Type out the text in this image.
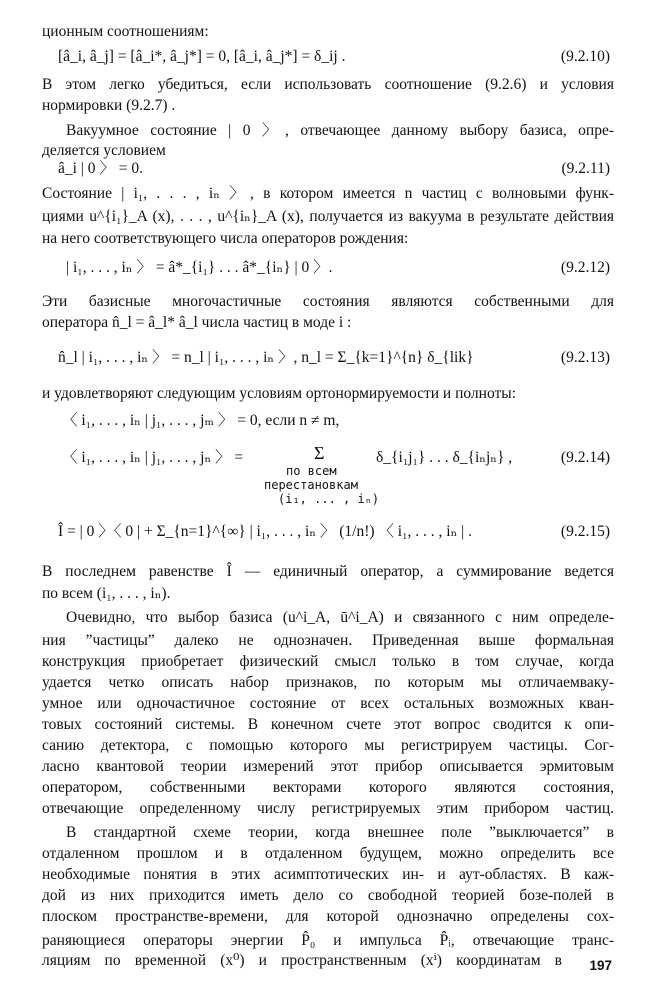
ционным соотношениям:
[â_i, â_j] = [â_i*, â_j*] = 0, [â_i, â_j*] = δ_ij .	(9.2.10)
В этом легко убедиться, если использовать соотношение (9.2.6) и условия
нормировки (9.2.7) .
Вакуумное состояние | 0 〉, отвечающее данному выбору базиса, опре-
деляется условием
â_i | 0 〉 = 0.	(9.2.11)
Состояние | i₁, . . . , iₙ 〉, в котором имеется n частиц с волновыми функ-
циями u^{i₁}_A (x), . . . , u^{iₙ}_A (x), получается из вакуума в результате действия
на него соответствующего числа операторов рождения:
| i₁, . . . , iₙ 〉 = â*_{i₁} . . . â*_{iₙ} | 0 〉.	(9.2.12)
Эти базисные многочастичные состояния являются собственными для
оператора n̂_l = â_l* â_l числа частиц в моде i :
n̂_l | i₁, . . . , iₙ 〉 = n_l | i₁, . . . , iₙ 〉, n_l = Σ_{k=1}^{n} δ_{lik}	(9.2.13)
и удовлетворяют следующим условиям ортонормируемости и полноты:
〈 i₁, . . . , iₙ | j₁, . . . , jₘ 〉 = 0, если n ≠ m,
〈 i₁, . . . , iₙ | j₁, . . . , jₙ 〉 =	Σ
по всем
перестановкам
(i₁, ... , iₙ)
δ_{i₁j₁} . . . δ_{iₙjₙ} ,	(9.2.14)
Î = | 0 〉〈 0 | + Σ_{n=1}^{∞} | i₁, . . . , iₙ 〉 (1/n!) 〈 i₁, . . . , iₙ | .	(9.2.15)
В последнем равенстве Î — единичный оператор, а суммирование ведется
по всем (i₁, . . . , iₙ).
Очевидно, что выбор базиса (u^i_A, ū^i_A) и связанного с ним определе-
ния ”частицы” далеко не однозначен. Приведенная выше формальная
конструкция приобретает физический смысл только в том случае, когда
удается четко описать набор признаков, по которым мы отличаемваку-
умное или одночастичное состояние от всех остальных возможных кван-
товых состояний системы. В конечном счете этот вопрос сводится к опи-
санию детектора, с помощью которого мы регистрируем частицы. Сог-
ласно квантовой теории измерений этот прибор описывается эрмитовым
оператором, собственными векторами которого являются состояния,
отвечающие определенному числу регистрируемых этим прибором частиц.
В стандартной схеме теории, когда внешнее поле ”выключается” в
отдаленном прошлом и в отдаленном будущем, можно определить все
необходимые понятия в этих асимптотических ин- и аут-областях. В каж-
дой из них приходится иметь дело со свободной теорией бозе-полей в
плоском пространстве-времени, для которой однозначно определены сох-
раняющиеся операторы энергии P̂₀ и импульса P̂ᵢ, отвечающие транс-
ляциям по временной (x⁰) и пространственным (xⁱ) координатам в 197
